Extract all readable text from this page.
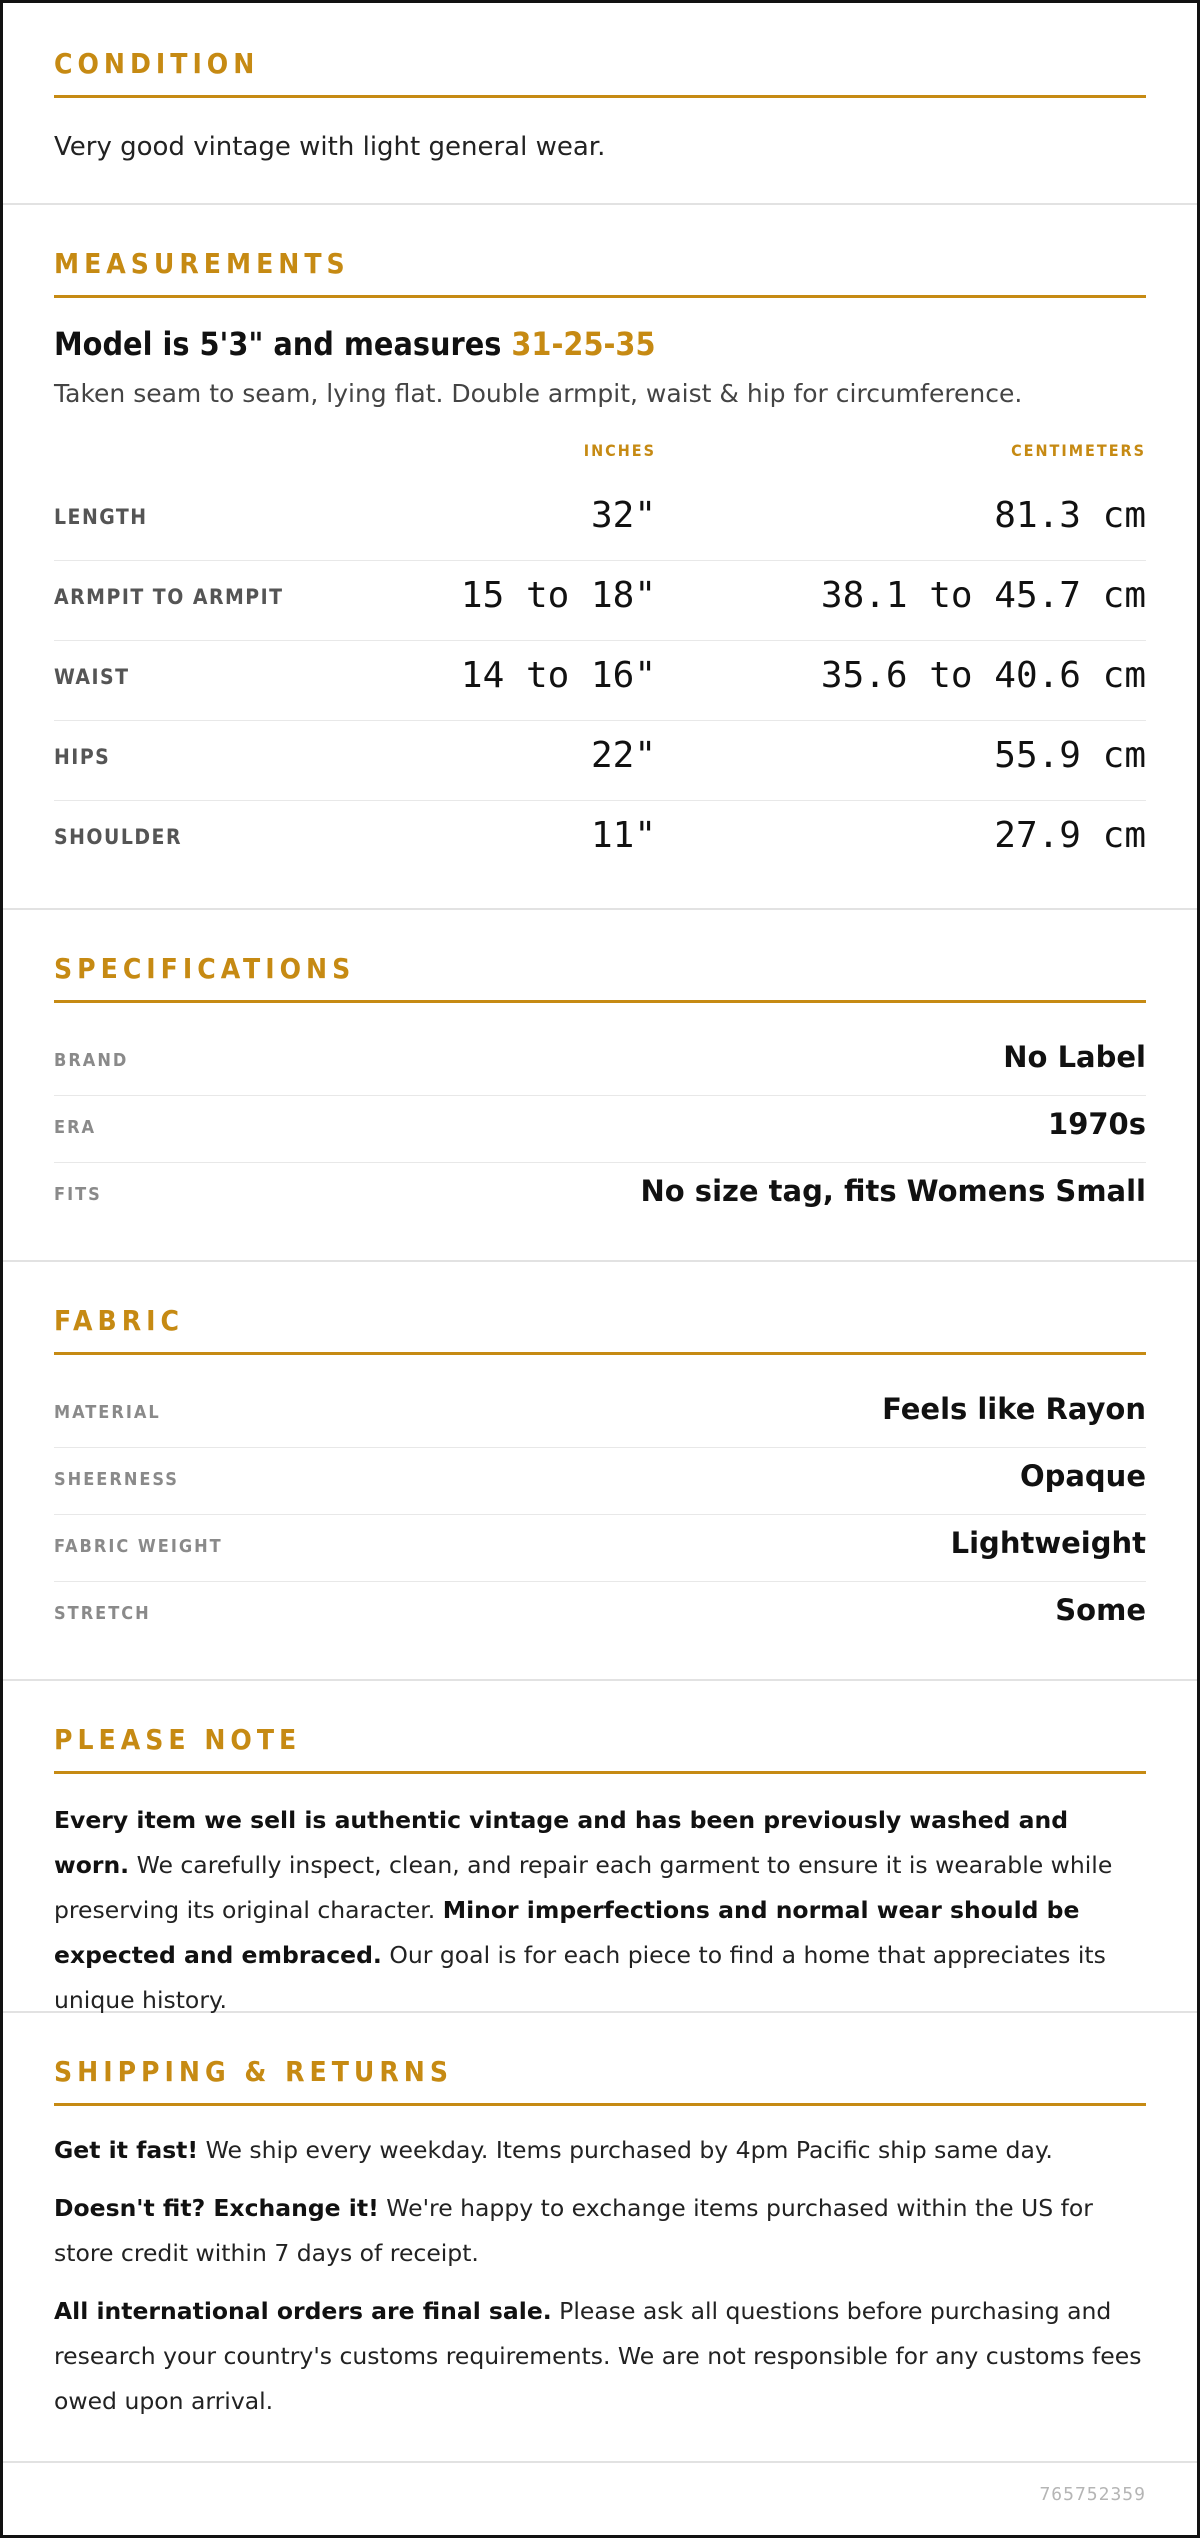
CONDITION
Very good vintage with light general wear.
MEASUREMENTS
Model is 5'3" and measures 31-25-35
Taken seam to seam, lying flat. Double armpit, waist & hip for circumference.
INCHES	CENTIMETERS
LENGTH	32"	81.3 cm
ARMPIT TO ARMPIT	15 to 18"	38.1 to 45.7 cm
WAIST	14 to 16"	35.6 to 40.6 cm
HIPS	22"	55.9 cm
SHOULDER	11"	27.9 cm
SPECIFICATIONS
BRAND	No Label
ERA	1970s
FITS	No size tag, fits Womens Small
FABRIC
MATERIAL	Feels like Rayon
SHEERNESS	Opaque
FABRIC WEIGHT	Lightweight
STRETCH	Some
PLEASE NOTE
Every item we sell is authentic vintage and has been previously washed and worn. We carefully inspect, clean, and repair each garment to ensure it is wearable while preserving its original character. Minor imperfections and normal wear should be expected and embraced. Our goal is for each piece to find a home that appreciates its unique history.
SHIPPING & RETURNS
Get it fast! We ship every weekday. Items purchased by 4pm Pacific ship same day.
Doesn't fit? Exchange it! We're happy to exchange items purchased within the US for store credit within 7 days of receipt.
All international orders are final sale. Please ask all questions before purchasing and research your country's customs requirements. We are not responsible for any customs fees owed upon arrival.
765752359
